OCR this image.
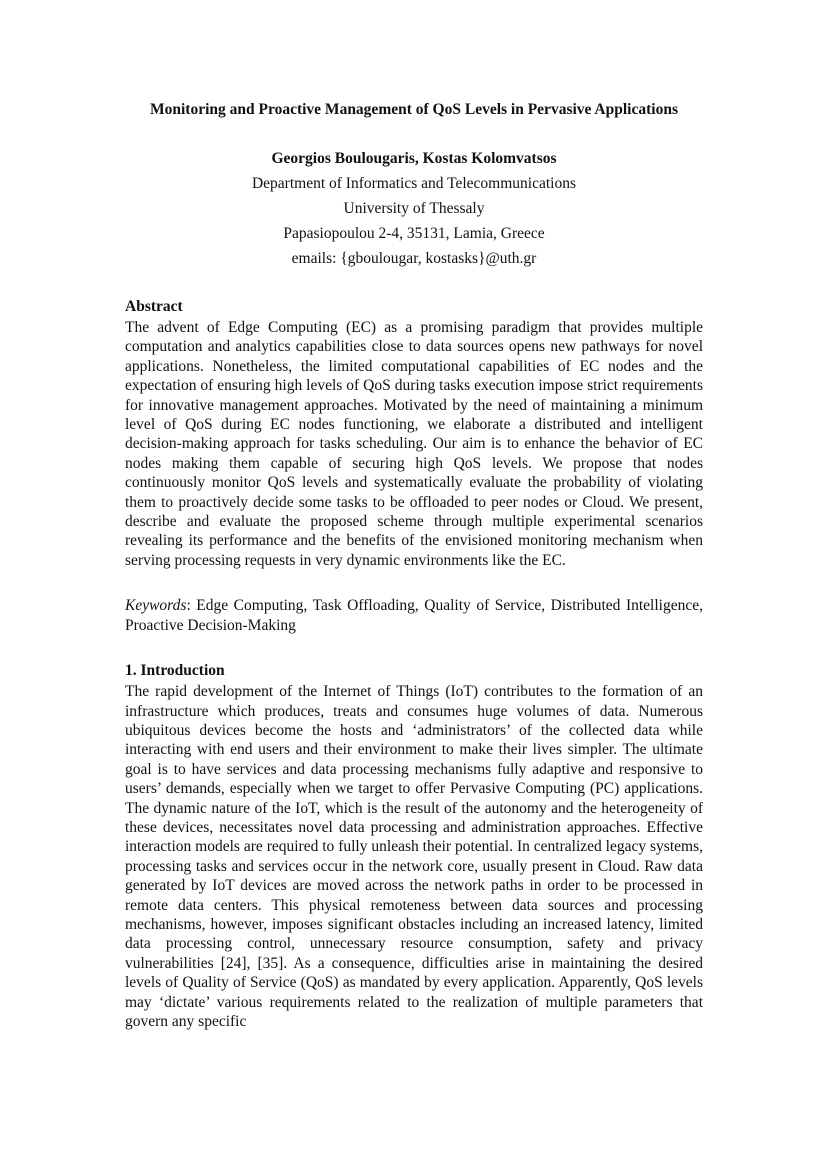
Monitoring and Proactive Management of QoS Levels in Pervasive Applications

Georgios Boulougaris, Kostas Kolomvatsos

Department of Informatics and Telecommunications

University of Thessaly

Papasiopoulou 2-4, 35131, Lamia, Greece

emails: {gboulougar, kostasks}@uth.gr

Abstract

The advent of Edge Computing (EC) as a promising paradigm that provides multiple computation and analytics capabilities close to data sources opens new pathways for novel applications. Nonetheless, the limited computational capabilities of EC nodes and the expectation of ensuring high levels of QoS during tasks execution impose strict requirements for innovative management approaches. Motivated by the need of maintaining a minimum level of QoS during EC nodes functioning, we elaborate a distributed and intelligent decision-making approach for tasks scheduling. Our aim is to enhance the behavior of EC nodes making them capable of securing high QoS levels. We propose that nodes continuously monitor QoS levels and systematically evaluate the probability of violating them to proactively decide some tasks to be offloaded to peer nodes or Cloud. We present, describe and evaluate the proposed scheme through multiple experimental scenarios revealing its performance and the benefits of the envisioned monitoring mechanism when serving processing requests in very dynamic environments like the EC.

Keywords: Edge Computing, Task Offloading, Quality of Service, Distributed Intelligence, Proactive Decision-Making

1. Introduction

The rapid development of the Internet of Things (IoT) contributes to the formation of an infrastructure which produces, treats and consumes huge volumes of data. Numerous ubiquitous devices become the hosts and ‘administrators’ of the collected data while interacting with end users and their environment to make their lives simpler. The ultimate goal is to have services and data processing mechanisms fully adaptive and responsive to users’ demands, especially when we target to offer Pervasive Computing (PC) applications. The dynamic nature of the IoT, which is the result of the autonomy and the heterogeneity of these devices, necessitates novel data processing and administration approaches. Effective interaction models are required to fully unleash their potential. In centralized legacy systems, processing tasks and services occur in the network core, usually present in Cloud. Raw data generated by IoT devices are moved across the network paths in order to be processed in remote data centers. This physical remoteness between data sources and processing mechanisms, however, imposes significant obstacles including an increased latency, limited data processing control, unnecessary resource consumption, safety and privacy vulnerabilities [24], [35]. As a consequence, difficulties arise in maintaining the desired levels of Quality of Service (QoS) as mandated by every application. Apparently, QoS levels may ‘dictate’ various requirements related to the realization of multiple parameters that govern any specific
